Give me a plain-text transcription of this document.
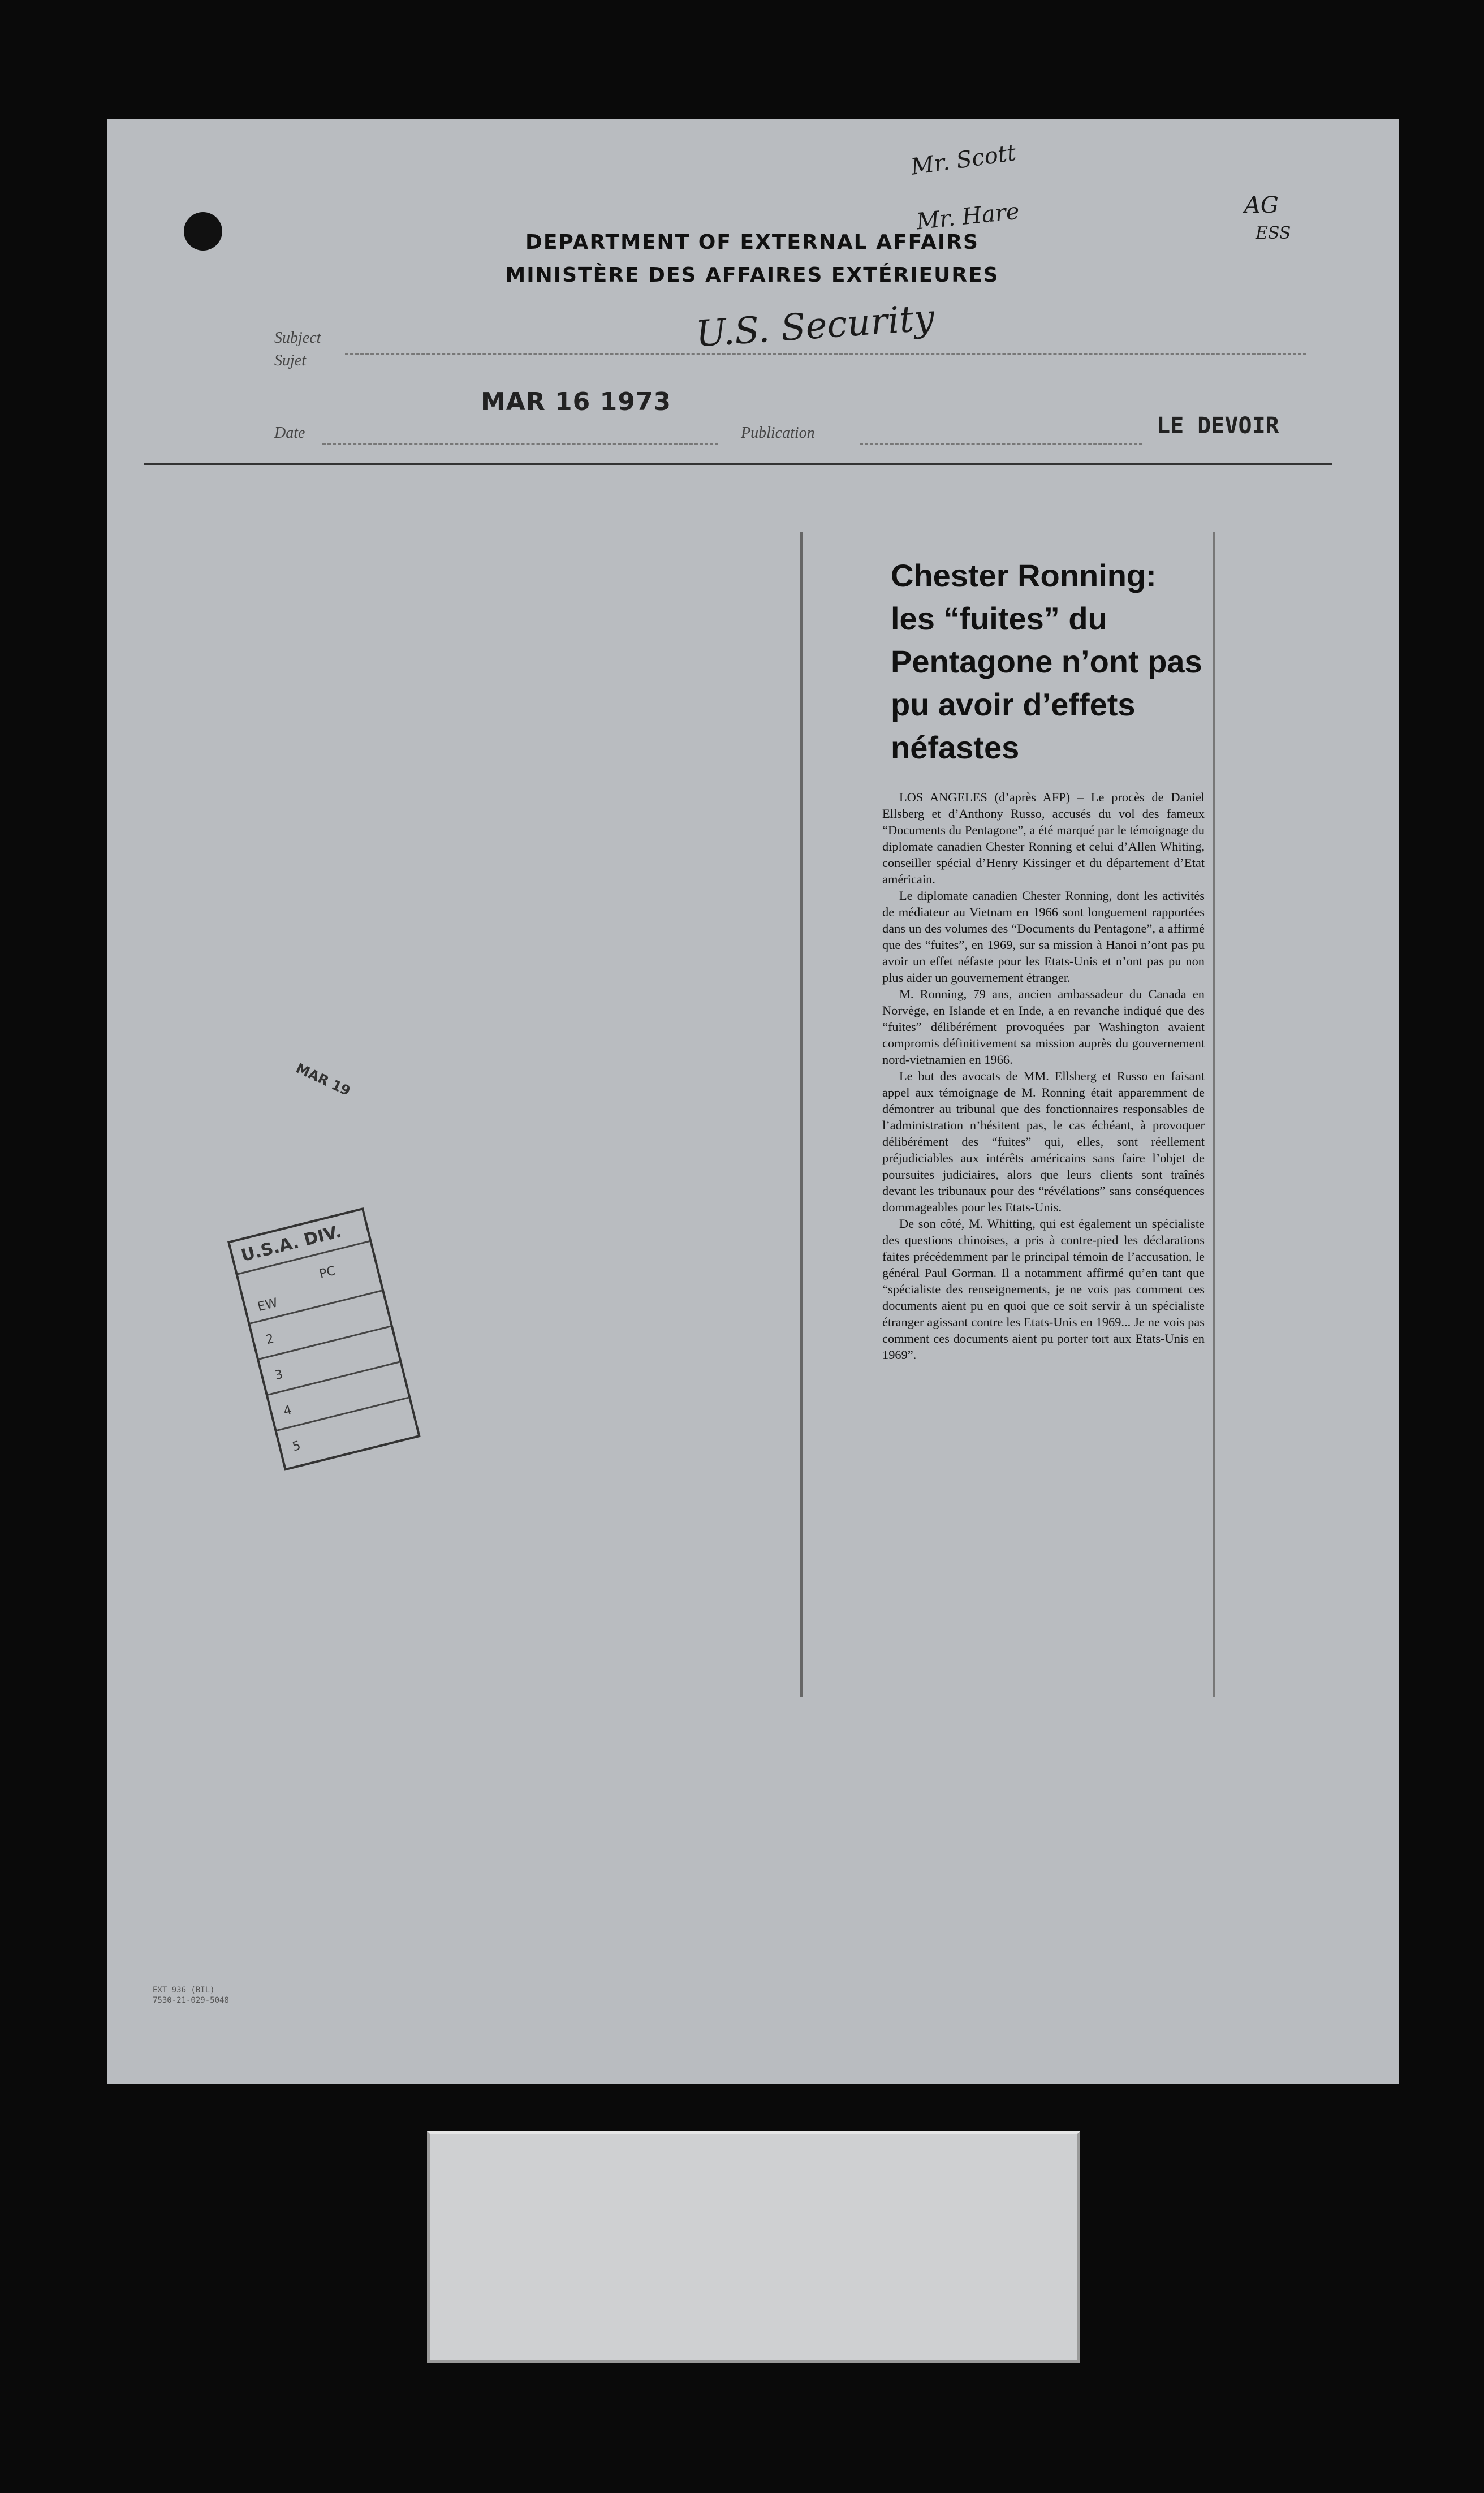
DEPARTMENT OF EXTERNAL AFFAIRS
MINISTÈRE DES AFFAIRES EXTÉRIEURES
Mr. Scott
Mr. Hare	AG
ESS
Subject
Sujet
U.S. Security
Date
MAR 16 1973
Publication	LE DEVOIR
Chester Ronning: les “fuites” du Pentagone n’ont pas pu avoir d’effets néfastes

LOS ANGELES (d’après AFP) – Le procès de Daniel Ellsberg et d’Anthony Russo, accusés du vol des fameux “Documents du Pentagone”, a été marqué par le témoignage du diplomate canadien Chester Ronning et celui d’Allen Whiting, conseiller spécial d’Henry Kissinger et du département d’Etat américain.

Le diplomate canadien Chester Ronning, dont les activités de médiateur au Vietnam en 1966 sont longuement rapportées dans un des volumes des “Documents du Pentagone”, a affirmé que des “fuites”, en 1969, sur sa mission à Hanoi n’ont pas pu avoir un effet néfaste pour les Etats-Unis et n’ont pas pu non plus aider un gouvernement étranger.

M. Ronning, 79 ans, ancien ambassadeur du Canada en Norvège, en Islande et en Inde, a en revanche indiqué que des “fuites” délibérément provoquées par Washington avaient compromis définitivement sa mission auprès du gouvernement nord-vietnamien en 1966.

Le but des avocats de MM. Ellsberg et Russo en faisant appel aux témoignage de M. Ronning était apparemment de démontrer au tribunal que des fonctionnaires responsables de l’administration n’hésitent pas, le cas échéant, à provoquer délibérément des “fuites” qui, elles, sont réellement préjudiciables aux intérêts américains sans faire l’objet de poursuites judiciaires, alors que leurs clients sont traînés devant les tribunaux pour des “révélations” sans conséquences dommageables pour les Etats-Unis.

De son côté, M. Whitting, qui est également un spécialiste des questions chinoises, a pris à contre-pied les déclarations faites précédemment par le principal témoin de l’accusation, le général Paul Gorman. Il a notamment affirmé qu’en tant que “spécialiste des renseignements, je ne vois pas comment ces documents aient pu en quoi que ce soit servir à un spécialiste étranger agissant contre les Etats-Unis en 1969... Je ne vois pas comment ces documents aient pu porter tort aux Etats-Unis en 1969”.

MAR 19
U.S.A. DIV.
EW
PC
2
3
4
5
EXT 936 (BIL)
7530-21-029-5048
